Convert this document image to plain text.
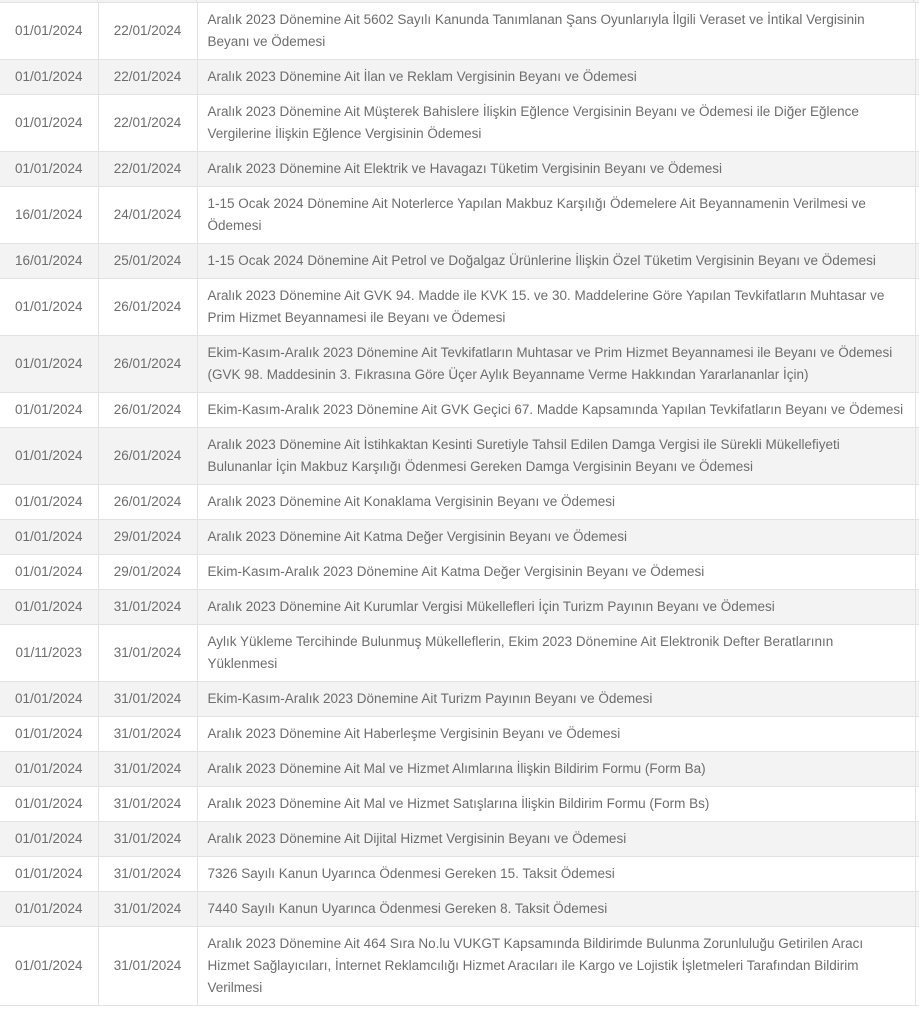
01/01/2024	22/01/2024	Aralık 2023 Dönemine Ait 5602 Sayılı Kanunda Tanımlanan Şans Oyunlarıyla İlgili Veraset ve İntikal Vergisinin Beyanı ve Ödemesi	
01/01/2024	22/01/2024	Aralık 2023 Dönemine Ait İlan ve Reklam Vergisinin Beyanı ve Ödemesi	
01/01/2024	22/01/2024	Aralık 2023 Dönemine Ait Müşterek Bahislere İlişkin Eğlence Vergisinin Beyanı ve Ödemesi ile Diğer Eğlence Vergilerine İlişkin Eğlence Vergisinin Ödemesi	
01/01/2024	22/01/2024	Aralık 2023 Dönemine Ait Elektrik ve Havagazı Tüketim Vergisinin Beyanı ve Ödemesi	
16/01/2024	24/01/2024	1-15 Ocak 2024 Dönemine Ait Noterlerce Yapılan Makbuz Karşılığı Ödemelere Ait Beyannamenin Verilmesi ve Ödemesi	
16/01/2024	25/01/2024	1-15 Ocak 2024 Dönemine Ait Petrol ve Doğalgaz Ürünlerine İlişkin Özel Tüketim Vergisinin Beyanı ve Ödemesi	
01/01/2024	26/01/2024	Aralık 2023 Dönemine Ait GVK 94. Madde ile KVK 15. ve 30. Maddelerine Göre Yapılan Tevkifatların Muhtasar ve Prim Hizmet Beyannamesi ile Beyanı ve Ödemesi	
01/01/2024	26/01/2024	Ekim-Kasım-Aralık 2023 Dönemine Ait Tevkifatların Muhtasar ve Prim Hizmet Beyannamesi ile Beyanı ve Ödemesi (GVK 98. Maddesinin 3. Fıkrasına Göre Üçer Aylık Beyanname Verme Hakkından Yararlananlar İçin)	
01/01/2024	26/01/2024	Ekim-Kasım-Aralık 2023 Dönemine Ait GVK Geçici 67. Madde Kapsamında Yapılan Tevkifatların Beyanı ve Ödemesi	
01/01/2024	26/01/2024	Aralık 2023 Dönemine Ait İstihkaktan Kesinti Suretiyle Tahsil Edilen Damga Vergisi ile Sürekli Mükellefiyeti Bulunanlar İçin Makbuz Karşılığı Ödenmesi Gereken Damga Vergisinin Beyanı ve Ödemesi	
01/01/2024	26/01/2024	Aralık 2023 Dönemine Ait Konaklama Vergisinin Beyanı ve Ödemesi	
01/01/2024	29/01/2024	Aralık 2023 Dönemine Ait Katma Değer Vergisinin Beyanı ve Ödemesi	
01/01/2024	29/01/2024	Ekim-Kasım-Aralık 2023 Dönemine Ait Katma Değer Vergisinin Beyanı ve Ödemesi	
01/01/2024	31/01/2024	Aralık 2023 Dönemine Ait Kurumlar Vergisi Mükellefleri İçin Turizm Payının Beyanı ve Ödemesi	
01/11/2023	31/01/2024	Aylık Yükleme Tercihinde Bulunmuş Mükelleflerin, Ekim 2023 Dönemine Ait Elektronik Defter Beratlarının Yüklenmesi	
01/01/2024	31/01/2024	Ekim-Kasım-Aralık 2023 Dönemine Ait Turizm Payının Beyanı ve Ödemesi	
01/01/2024	31/01/2024	Aralık 2023 Dönemine Ait Haberleşme Vergisinin Beyanı ve Ödemesi	
01/01/2024	31/01/2024	Aralık 2023 Dönemine Ait Mal ve Hizmet Alımlarına İlişkin Bildirim Formu (Form Ba)	
01/01/2024	31/01/2024	Aralık 2023 Dönemine Ait Mal ve Hizmet Satışlarına İlişkin Bildirim Formu (Form Bs)	
01/01/2024	31/01/2024	Aralık 2023 Dönemine Ait Dijital Hizmet Vergisinin Beyanı ve Ödemesi	
01/01/2024	31/01/2024	7326 Sayılı Kanun Uyarınca Ödenmesi Gereken 15. Taksit Ödemesi	
01/01/2024	31/01/2024	7440 Sayılı Kanun Uyarınca Ödenmesi Gereken 8. Taksit Ödemesi	
01/01/2024	31/01/2024	Aralık 2023 Dönemine Ait 464 Sıra No.lu VUKGT Kapsamında Bildirimde Bulunma Zorunluluğu Getirilen Aracı Hizmet Sağlayıcıları, İnternet Reklamcılığı Hizmet Aracıları ile Kargo ve Lojistik İşletmeleri Tarafından Bildirim Verilmesi	
